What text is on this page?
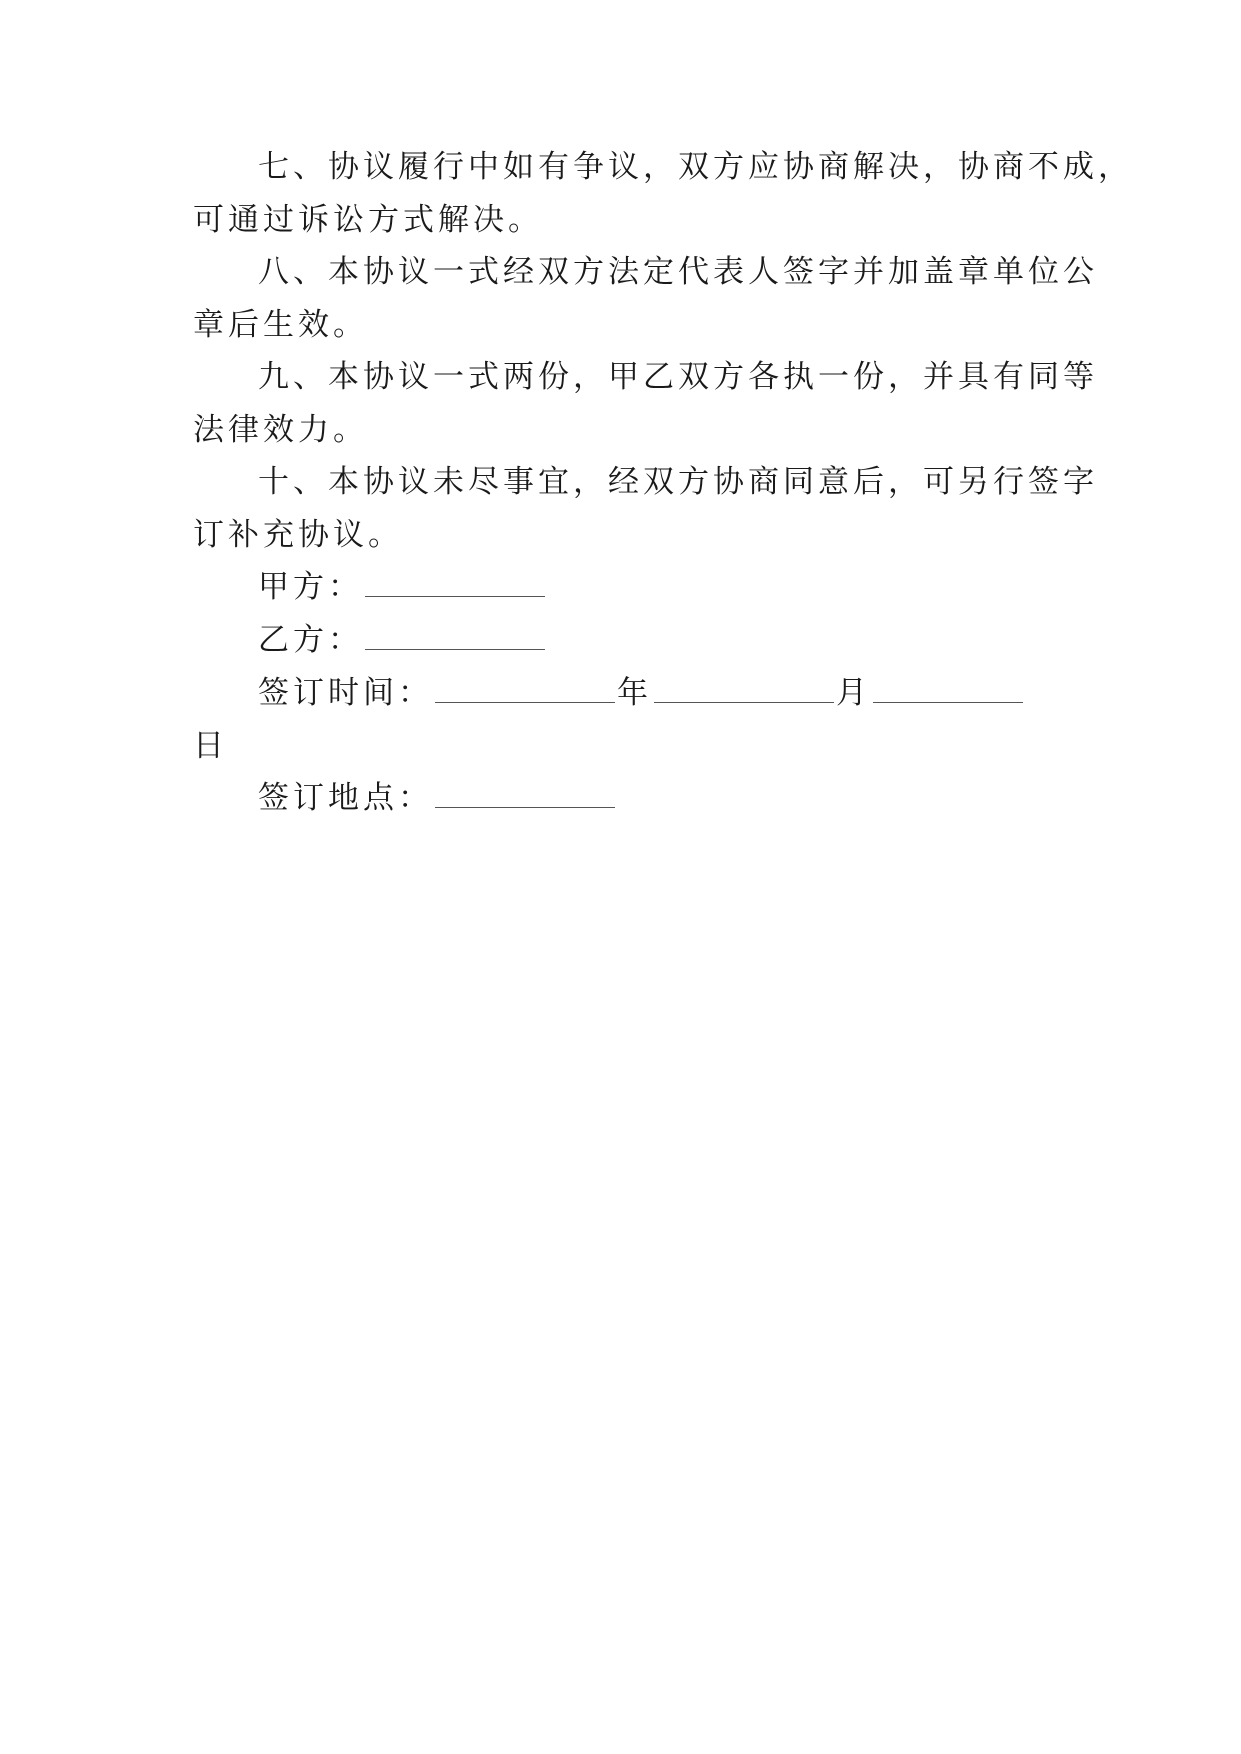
七、协议履行中如有争议，双方应协商解决，协商不成，
可通过诉讼方式解决。
八、本协议一式经双方法定代表人签字并加盖章单位公
章后生效。
九、本协议一式两份，甲乙双方各执一份，并具有同等
法律效力。
十、本协议未尽事宜，经双方协商同意后，可另行签字
订补充协议。
甲方：
乙方：
签订时间：	年	月
日
签订地点：
